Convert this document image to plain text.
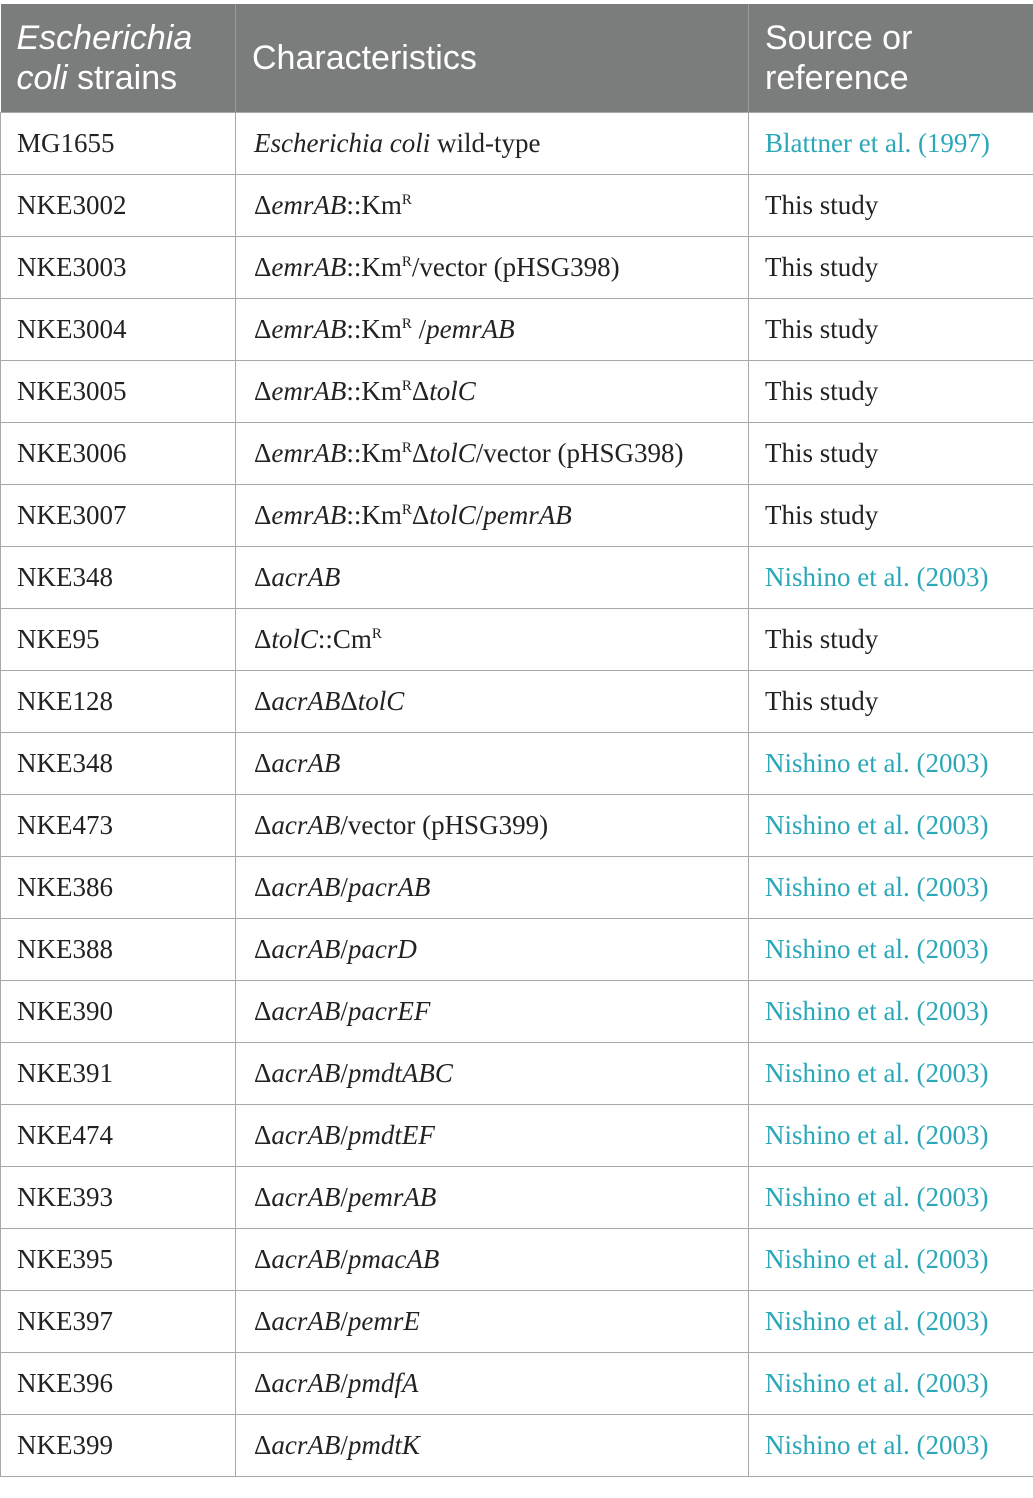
Escherichia
coli strains	Characteristics	Source or reference
MG1655	Escherichia coli wild-type	Blattner et al. (1997)
NKE3002	$\Delta emrAB::Km^R$	This study
NKE3003	$\Delta emrAB::Km^R$/vector (pHSG398)	This study
NKE3004	$\Delta emrAB::Km^R$ /pemrAB	This study
NKE3005	$\Delta emrAB::Km^R\Delta tolC$	This study
NKE3006	$\Delta emrAB::Km^R\Delta tolC$/vector (pHSG398)	This study
NKE3007	$\Delta emrAB::Km^R\Delta tolC$/pemrAB	This study
NKE348	ΔacrAB	Nishino et al. (2003)
NKE95	$\Delta tolC::Cm^R$	This study
NKE128	ΔacrABΔtolC	This study
NKE348	ΔacrAB	Nishino et al. (2003)
NKE473	ΔacrAB/vector (pHSG399)	Nishino et al. (2003)
NKE386	ΔacrAB/pacrAB	Nishino et al. (2003)
NKE388	ΔacrAB/pacrD	Nishino et al. (2003)
NKE390	ΔacrAB/pacrEF	Nishino et al. (2003)
NKE391	ΔacrAB/pmdtABC	Nishino et al. (2003)
NKE474	ΔacrAB/pmdtEF	Nishino et al. (2003)
NKE393	ΔacrAB/pemrAB	Nishino et al. (2003)
NKE395	ΔacrAB/pmacAB	Nishino et al. (2003)
NKE397	ΔacrAB/pemrE	Nishino et al. (2003)
NKE396	ΔacrAB/pmdfA	Nishino et al. (2003)
NKE399	ΔacrAB/pmdtK	Nishino et al. (2003)
